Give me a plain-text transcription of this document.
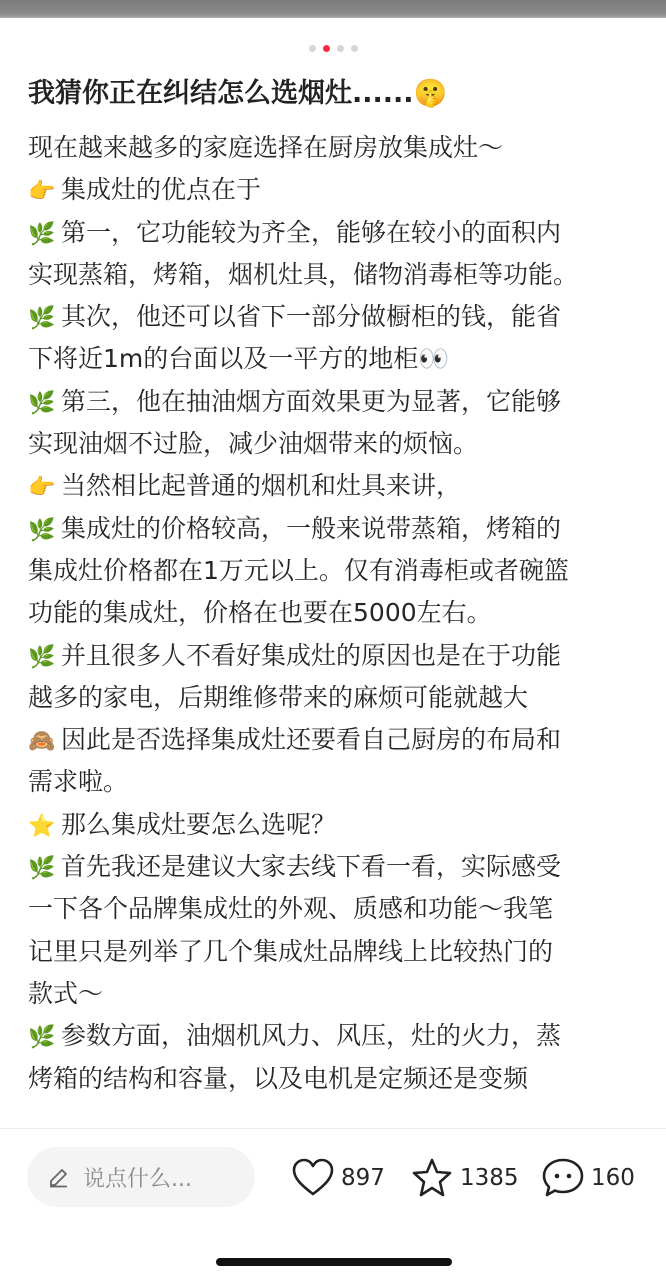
我猜你正在纠结怎么选烟灶......🤫
现在越来越多的家庭选择在厨房放集成灶～
👉 集成灶的优点在于
🌿 第一，它功能较为齐全，能够在较小的面积内
实现蒸箱，烤箱，烟机灶具，储物消毒柜等功能。
🌿 其次，他还可以省下一部分做橱柜的钱，能省
下将近1m的台面以及一平方的地柜👀
🌿 第三，他在抽油烟方面效果更为显著，它能够
实现油烟不过脸，减少油烟带来的烦恼。
👉 当然相比起普通的烟机和灶具来讲，
🌿 集成灶的价格较高，一般来说带蒸箱，烤箱的
集成灶价格都在1万元以上。仅有消毒柜或者碗篮
功能的集成灶，价格在也要在5000左右。
🌿 并且很多人不看好集成灶的原因也是在于功能
越多的家电，后期维修带来的麻烦可能就越大
🙈 因此是否选择集成灶还要看自己厨房的布局和
需求啦。
⭐ 那么集成灶要怎么选呢？
🌿 首先我还是建议大家去线下看一看，实际感受
一下各个品牌集成灶的外观、质感和功能～我笔
记里只是列举了几个集成灶品牌线上比较热门的
款式～
🌿 参数方面，油烟机风力、风压，灶的火力，蒸
烤箱的结构和容量，以及电机是定频还是变频
说点什么...	897	1385	160
